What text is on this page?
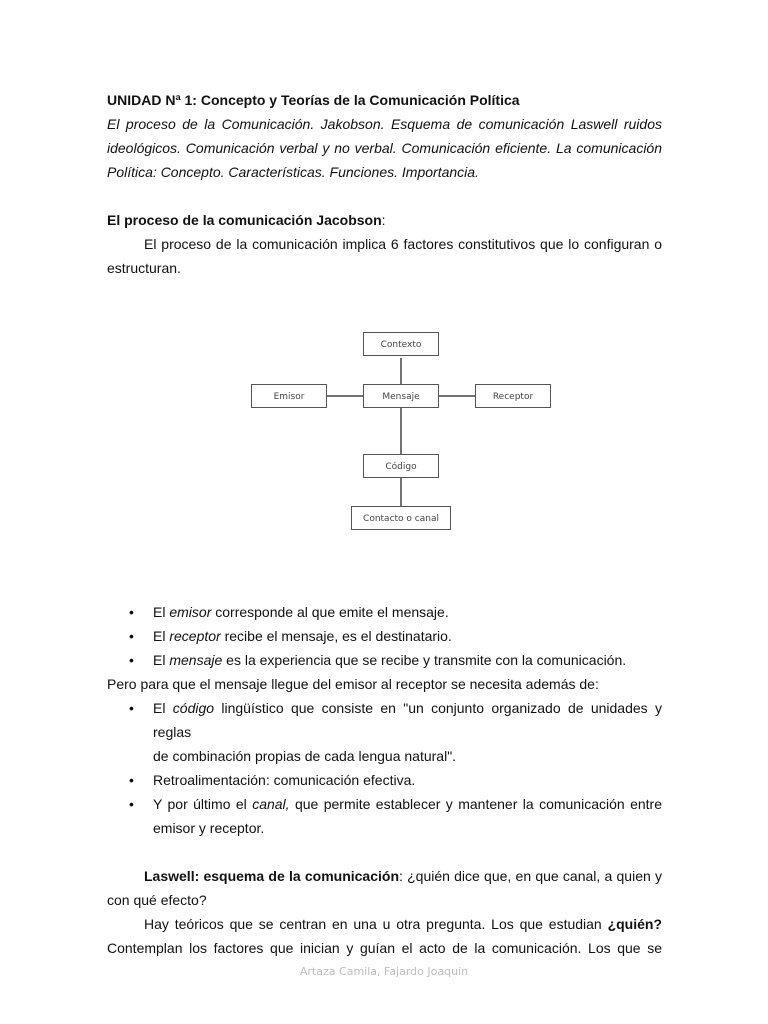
UNIDAD Nª 1: Concepto y Teorías de la Comunicación Política

El proceso de la Comunicación. Jakobson. Esquema de comunicación Laswell ruidos
ideológicos. Comunicación verbal y no verbal. Comunicación eficiente. La comunicación
Política: Concepto. Características. Funciones. Importancia.

El proceso de la comunicación Jacobson:

El proceso de la comunicación implica 6 factores constitutivos que lo configuran o
estructuran.

Contexto
Emisor	Mensaje	Receptor
Código
Contacto o canal
• El emisor corresponde al que emite el mensaje.
• El receptor recibe el mensaje, es el destinatario.
• El mensaje es la experiencia que se recibe y transmite con la comunicación.

Pero para que el mensaje llegue del emisor al receptor se necesita además de:

• El código lingüístico que consiste en "un conjunto organizado de unidades y reglas
de combinación propias de cada lengua natural".
• Retroalimentación: comunicación efectiva.
• Y por último el canal, que permite establecer y mantener la comunicación entre
emisor y receptor.

Laswell: esquema de la comunicación: ¿quién dice que, en que canal, a quien y
con qué efecto?

Hay teóricos que se centran en una u otra pregunta. Los que estudian ¿quién?
Contemplan los factores que inician y guían el acto de la comunicación. Los que se

Artaza Camila, Fajardo Joaquin
